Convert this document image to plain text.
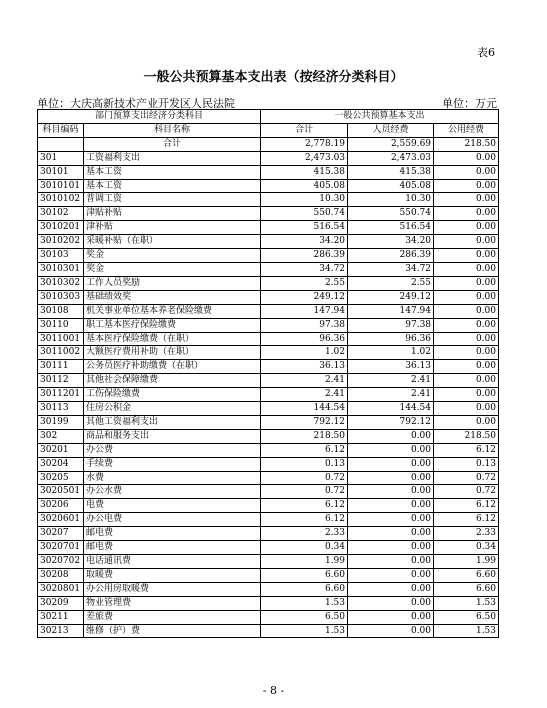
表6
一般公共预算基本支出表（按经济分类科目）
单位：大庆高新技术产业开发区人民法院	单位：万元
部门预算支出经济分类科目		一般公共预算基本支出		
科目编码	科目名称	合计	人员经费	公用经费
	合计	2,778.19	2,559.69	218.50
301	工资福利支出	2,473.03	2,473.03	0.00
30101	基本工资	415.38	415.38	0.00
3010101	基本工资	405.08	405.08	0.00
3010102	普调工资	10.30	10.30	0.00
30102	津贴补贴	550.74	550.74	0.00
3010201	津补贴	516.54	516.54	0.00
3010202	采暖补贴（在职）	34.20	34.20	0.00
30103	奖金	286.39	286.39	0.00
3010301	奖金	34.72	34.72	0.00
3010302	工作人员奖励	2.55	2.55	0.00
3010303	基础绩效奖	249.12	249.12	0.00
30108	机关事业单位基本养老保险缴费	147.94	147.94	0.00
30110	职工基本医疗保险缴费	97.38	97.38	0.00
3011001	基本医疗保险缴费（在职）	96.36	96.36	0.00
3011002	大额医疗费用补助（在职）	1.02	1.02	0.00
30111	公务员医疗补助缴费（在职）	36.13	36.13	0.00
30112	其他社会保障缴费	2.41	2.41	0.00
3011201	工伤保险缴费	2.41	2.41	0.00
30113	住房公积金	144.54	144.54	0.00
30199	其他工资福利支出	792.12	792.12	0.00
302	商品和服务支出	218.50	0.00	218.50
30201	办公费	6.12	0.00	6.12
30204	手续费	0.13	0.00	0.13
30205	水费	0.72	0.00	0.72
3020501	办公水费	0.72	0.00	0.72
30206	电费	6.12	0.00	6.12
3020601	办公电费	6.12	0.00	6.12
30207	邮电费	2.33	0.00	2.33
3020701	邮电费	0.34	0.00	0.34
3020702	电话通讯费	1.99	0.00	1.99
30208	取暖费	6.60	0.00	6.60
3020801	办公用房取暖费	6.60	0.00	6.60
30209	物业管理费	1.53	0.00	1.53
30211	差旅费	6.50	0.00	6.50
30213	维修（护）费	1.53	0.00	1.53
- 8 -
